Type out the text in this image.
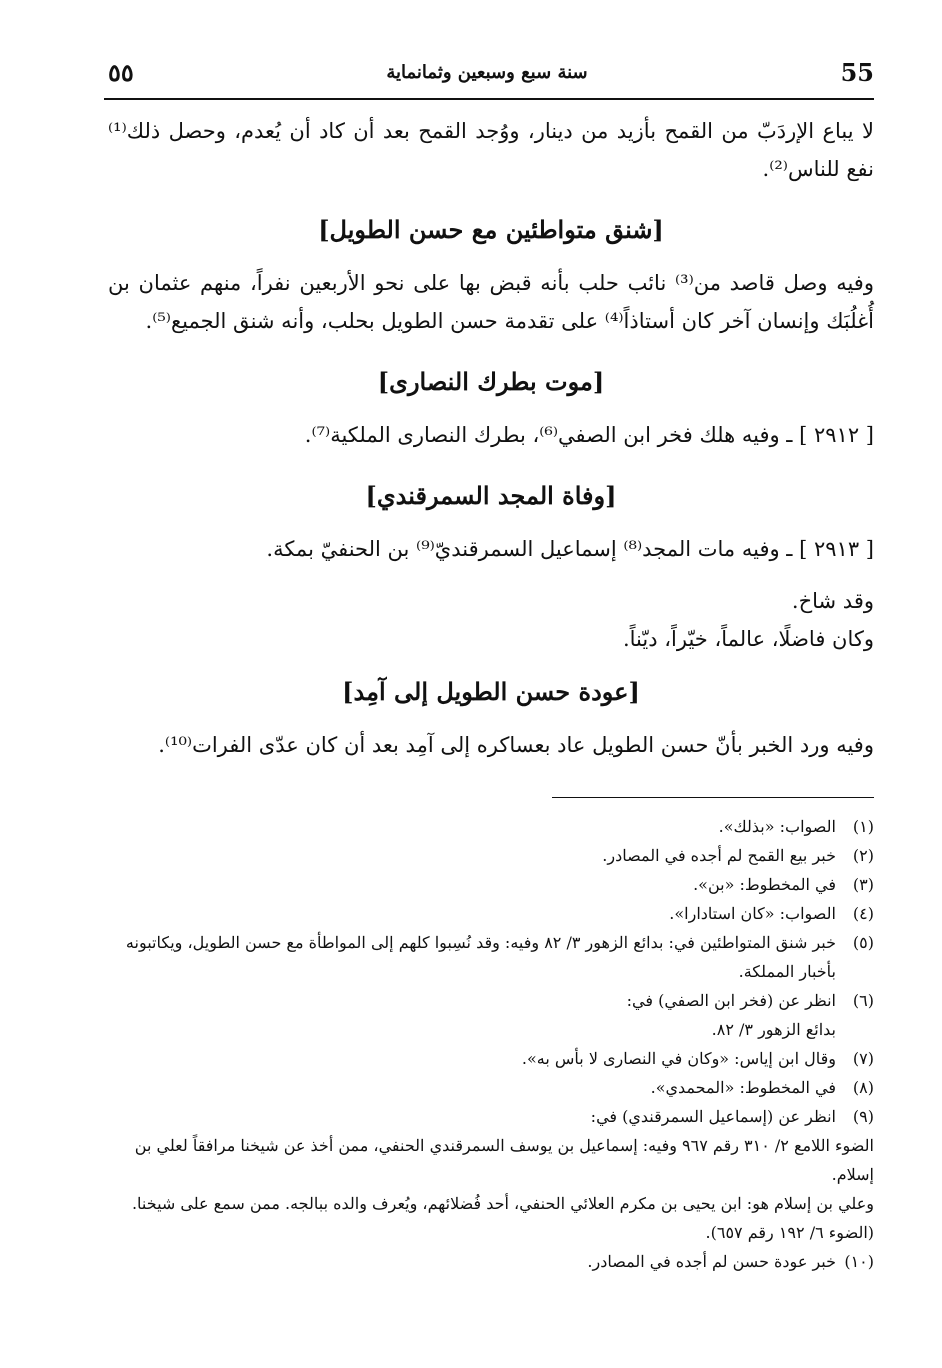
٥٥	سنة سبع وسبعين وثمانماية	55

لا يباع الإردَبّ من القمح بأزيد من دينار، ووُجد القمح بعد أن كاد أن يُعدم، وحصل ذلك⁽¹⁾ نفع للناس⁽²⁾.

[شنق متواطئين مع حسن الطويل]

وفيه وصل قاصد من⁽³⁾ نائب حلب بأنه قبض بها على نحو الأربعين نفراً، منهم عثمان بن أُغلُبَك وإنسان آخر كان أستاذاً⁽⁴⁾ على تقدمة حسن الطويل بحلب، وأنه شنق الجميع⁽⁵⁾.

[موت بطرك النصارى]

[ ٢٩١٢ ] ـ وفيه هلك فخر ابن الصفي⁽⁶⁾، بطرك النصارى الملكية⁽⁷⁾.

[وفاة المجد السمرقندي]

[ ٢٩١٣ ] ـ وفيه مات المجد⁽⁸⁾ إسماعيل السمرقنديّ⁽⁹⁾ بن الحنفيّ بمكة.

وقد شاخ.

وكان فاضلًا، عالماً، خيّراً، ديّناً.

[عودة حسن الطويل إلى آمِد]

وفيه ورد الخبر بأنّ حسن الطويل عاد بعساكره إلى آمِد بعد أن كان عدّى الفرات⁽¹⁰⁾.

(١)
الصواب: «بذلك».
(٢)
خبر بيع القمح لم أجده في المصادر.
(٣)
في المخطوط: «بن».
(٤)
الصواب: «كان استادارا».
(٥)
خبر شنق المتواطئين في: بدائع الزهور ٣/ ٨٢ وفيه: وقد نُسِبوا كلهم إلى المواطأة مع حسن الطويل، ويكاتبونه بأخبار المملكة.
(٦)
انظر عن (فخر ابن الصفي) في:
بدائع الزهور ٣/ ٨٢.
(٧)
وقال ابن إياس: «وكان في النصارى لا بأس به».
(٨)
في المخطوط: «المحمدي».
(٩)
انظر عن (إسماعيل السمرقندي) في:

الضوء اللامع ٢/ ٣١٠ رقم ٩٦٧ وفيه: إسماعيل بن يوسف السمرقندي الحنفي، ممن أخذ عن شيخنا مرافقاً لعلي بن إسلام.

وعلي بن إسلام هو: ابن يحيى بن مكرم العلائي الحنفي، أحد فُضلائهم، ويُعرف والده ببالجه. ممن سمع على شيخنا. (الضوء ٦/ ١٩٢ رقم ٦٥٧).

(١٠)
خبر عودة حسن لم أجده في المصادر.
